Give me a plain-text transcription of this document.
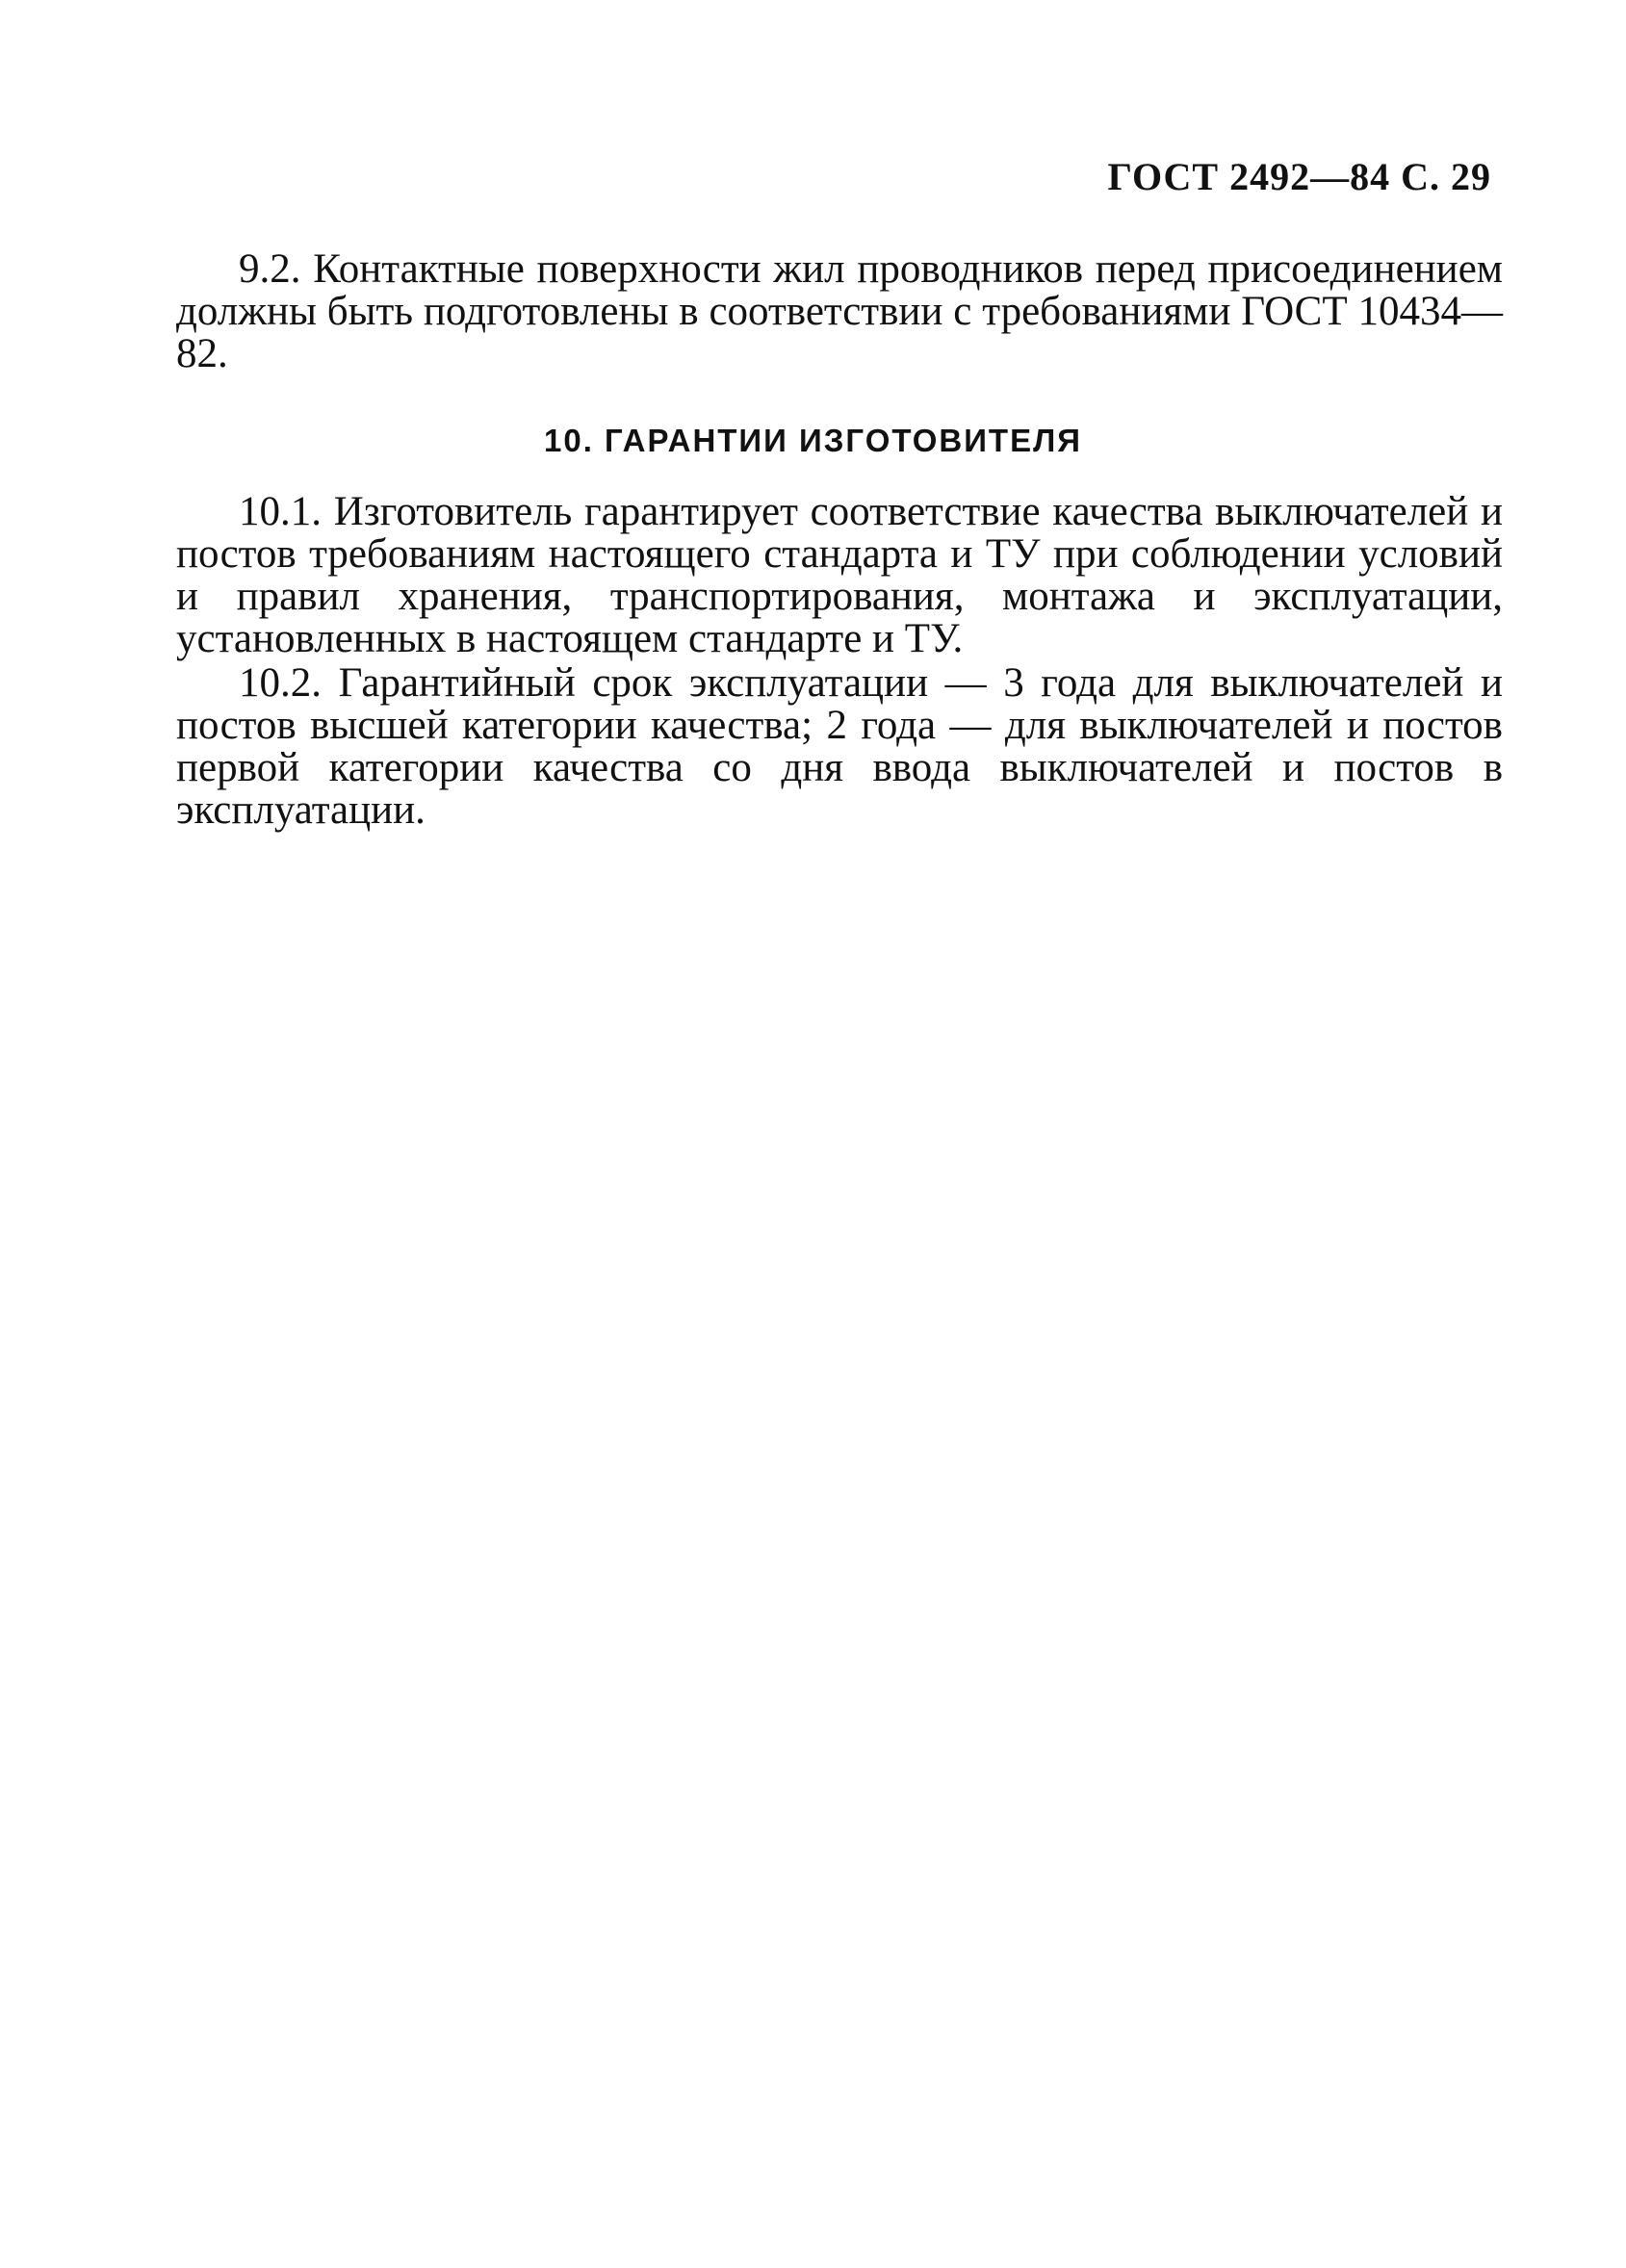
ГОСТ 2492—84 С. 29

9.2. Контактные поверхности жил проводников перед присоединением должны быть подготовлены в соответствии с требованиями ГОСТ 10434—82.

10. ГАРАНТИИ ИЗГОТОВИТЕЛЯ

10.1. Изготовитель гарантирует соответствие качества выключателей и постов требованиям настоящего стандарта и ТУ при соблюдении условий и правил хранения, транспортирования, монтажа и эксплуатации, установленных в настоящем стандарте и ТУ.

10.2. Гарантийный срок эксплуатации — 3 года для выключателей и постов высшей категории качества; 2 года — для выключателей и постов первой категории качества со дня ввода выключателей и постов в эксплуатации.
